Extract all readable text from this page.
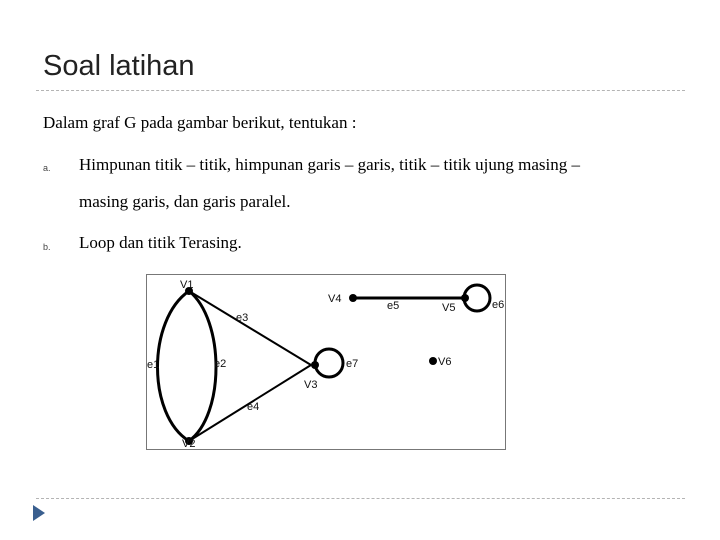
Soal latihan

Dalam graf G pada gambar berikut, tentukan :

a. Himpunan titik – titik, himpunan garis – garis, titik – titik ujung masing –

masing garis, dan garis paralel.

b. Loop dan titik Terasing.

V1
V2
V3
V4
V5
V6
e1	e2
e3
e4
e5	e6
e7
